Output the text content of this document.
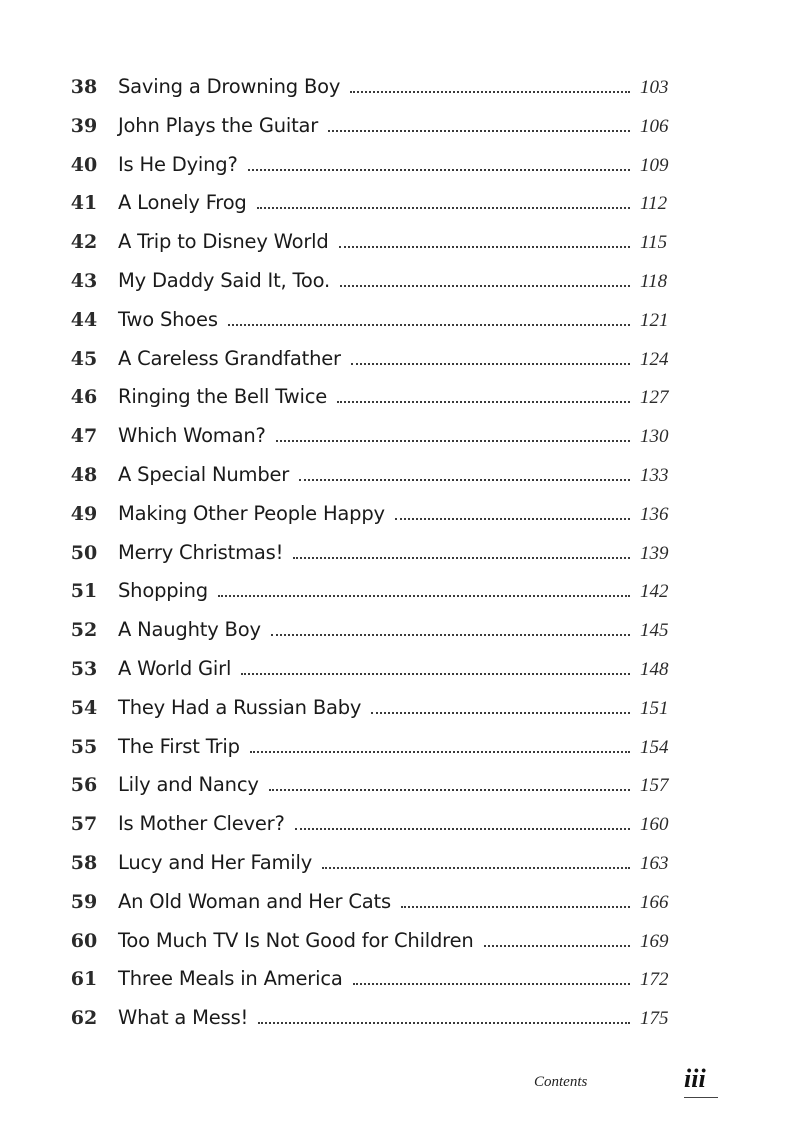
38	Saving a Drowning Boy	103
39	John Plays the Guitar	106
40	Is He Dying?	109
41	A Lonely Frog	112
42	A Trip to Disney World	115
43	My Daddy Said It, Too.	118
44	Two Shoes	121
45	A Careless Grandfather	124
46	Ringing the Bell Twice	127
47	Which Woman?	130
48	A Special Number	133
49	Making Other People Happy	136
50	Merry Christmas!	139
51	Shopping	142
52	A Naughty Boy	145
53	A World Girl	148
54	They Had a Russian Baby	151
55	The First Trip	154
56	Lily and Nancy	157
57	Is Mother Clever?	160
58	Lucy and Her Family	163
59	An Old Woman and Her Cats	166
60	Too Much TV Is Not Good for Children	169
61	Three Meals in America	172
62	What a Mess!	175
Contents	iii
